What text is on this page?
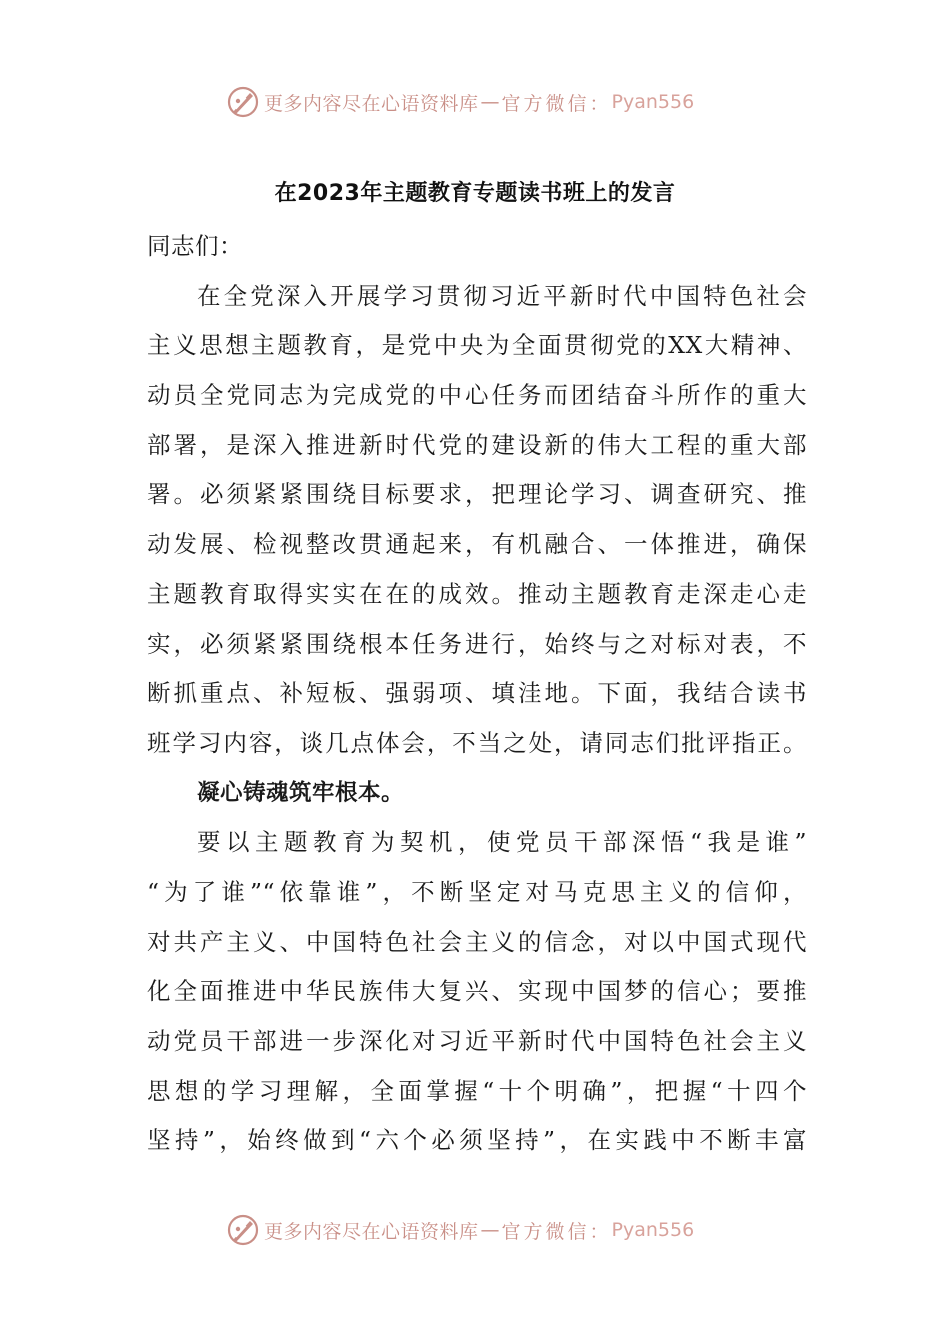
更多内容尽在心语资料库 — 官方微信： Pyan556
在2023年主题教育专题读书班上的发言
同志们：
在全党深入开展学习贯彻习近平新时代中国特色社会
主义思想主题教育，是党中央为全面贯彻党的XX大精神、
动员全党同志为完成党的中心任务而团结奋斗所作的重大
部署，是深入推进新时代党的建设新的伟大工程的重大部
署。必须紧紧围绕目标要求，把理论学习、调查研究、推
动发展、检视整改贯通起来，有机融合、一体推进，确保
主题教育取得实实在在的成效。推动主题教育走深走心走
实，必须紧紧围绕根本任务进行，始终与之对标对表，不
断抓重点、补短板、强弱项、填洼地。下面，我结合读书
班学习内容，谈几点体会，不当之处，请同志们批评指正。
凝心铸魂筑牢根本。
要以主题教育为契机，使党员干部深悟“我是谁”
“为了谁”“依靠谁”，不断坚定对马克思主义的信仰，
对共产主义、中国特色社会主义的信念，对以中国式现代
化全面推进中华民族伟大复兴、实现中国梦的信心；要推
动党员干部进一步深化对习近平新时代中国特色社会主义
思想的学习理解，全面掌握“十个明确”，把握“十四个
坚持”，始终做到“六个必须坚持”，在实践中不断丰富
更多内容尽在心语资料库 — 官方微信： Pyan556
